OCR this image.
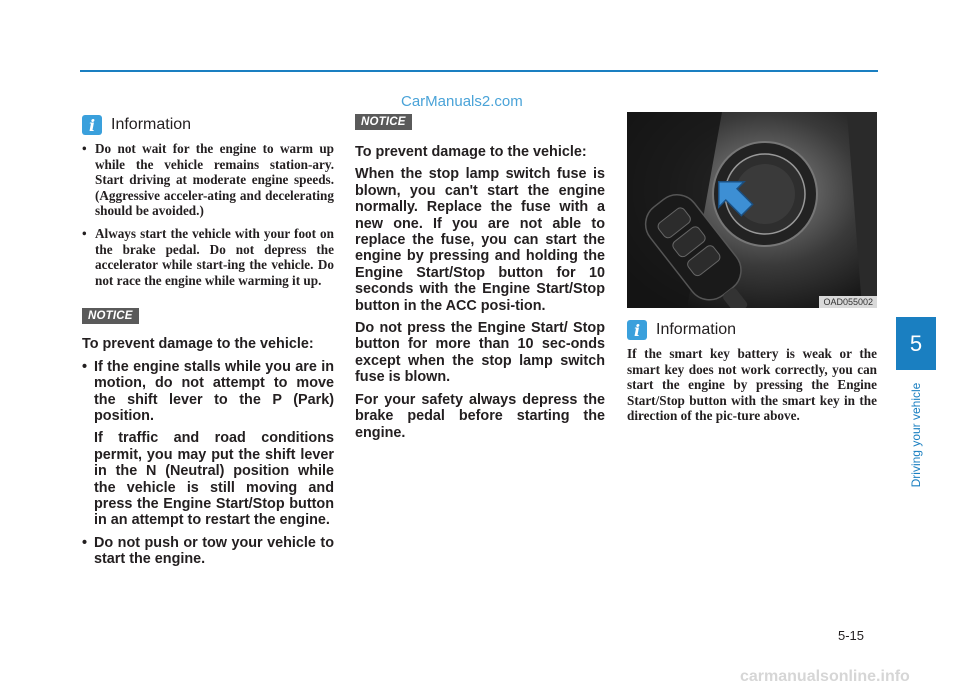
CarManuals2.com
i Information
• Do not wait for the engine to warm up while the vehicle remains station-ary. Start driving at moderate engine speeds. (Aggressive acceler-ating and decelerating should be avoided.)
• Always start the vehicle with your foot on the brake pedal. Do not depress the accelerator while start-ing the vehicle. Do not race the engine while warming it up.
NOTICE
To prevent damage to the vehicle:

• If the engine stalls while you are in motion, do not attempt to move the shift lever to the P (Park) position.

If traffic and road conditions permit, you may put the shift lever in the N (Neutral) position while the vehicle is still moving and press the Engine Start/Stop button in an attempt to restart the engine.

• Do not push or tow your vehicle to start the engine.
NOTICE
To prevent damage to the vehicle:

When the stop lamp switch fuse is blown, you can't start the engine normally. Replace the fuse with a new one. If you are not able to replace the fuse, you can start the engine by pressing and holding the Engine Start/Stop button for 10 seconds with the Engine Start/Stop button in the ACC posi-tion.

Do not press the Engine Start/ Stop button for more than 10 sec-onds except when the stop lamp switch fuse is blown.

For your safety always depress the brake pedal before starting the engine.

OAD055002
i Information

If the smart key battery is weak or the smart key does not work correctly, you can start the engine by pressing the Engine Start/Stop button with the smart key in the direction of the pic-ture above.

5
Driving your vehicle
5-15
carmanualsonline.info
